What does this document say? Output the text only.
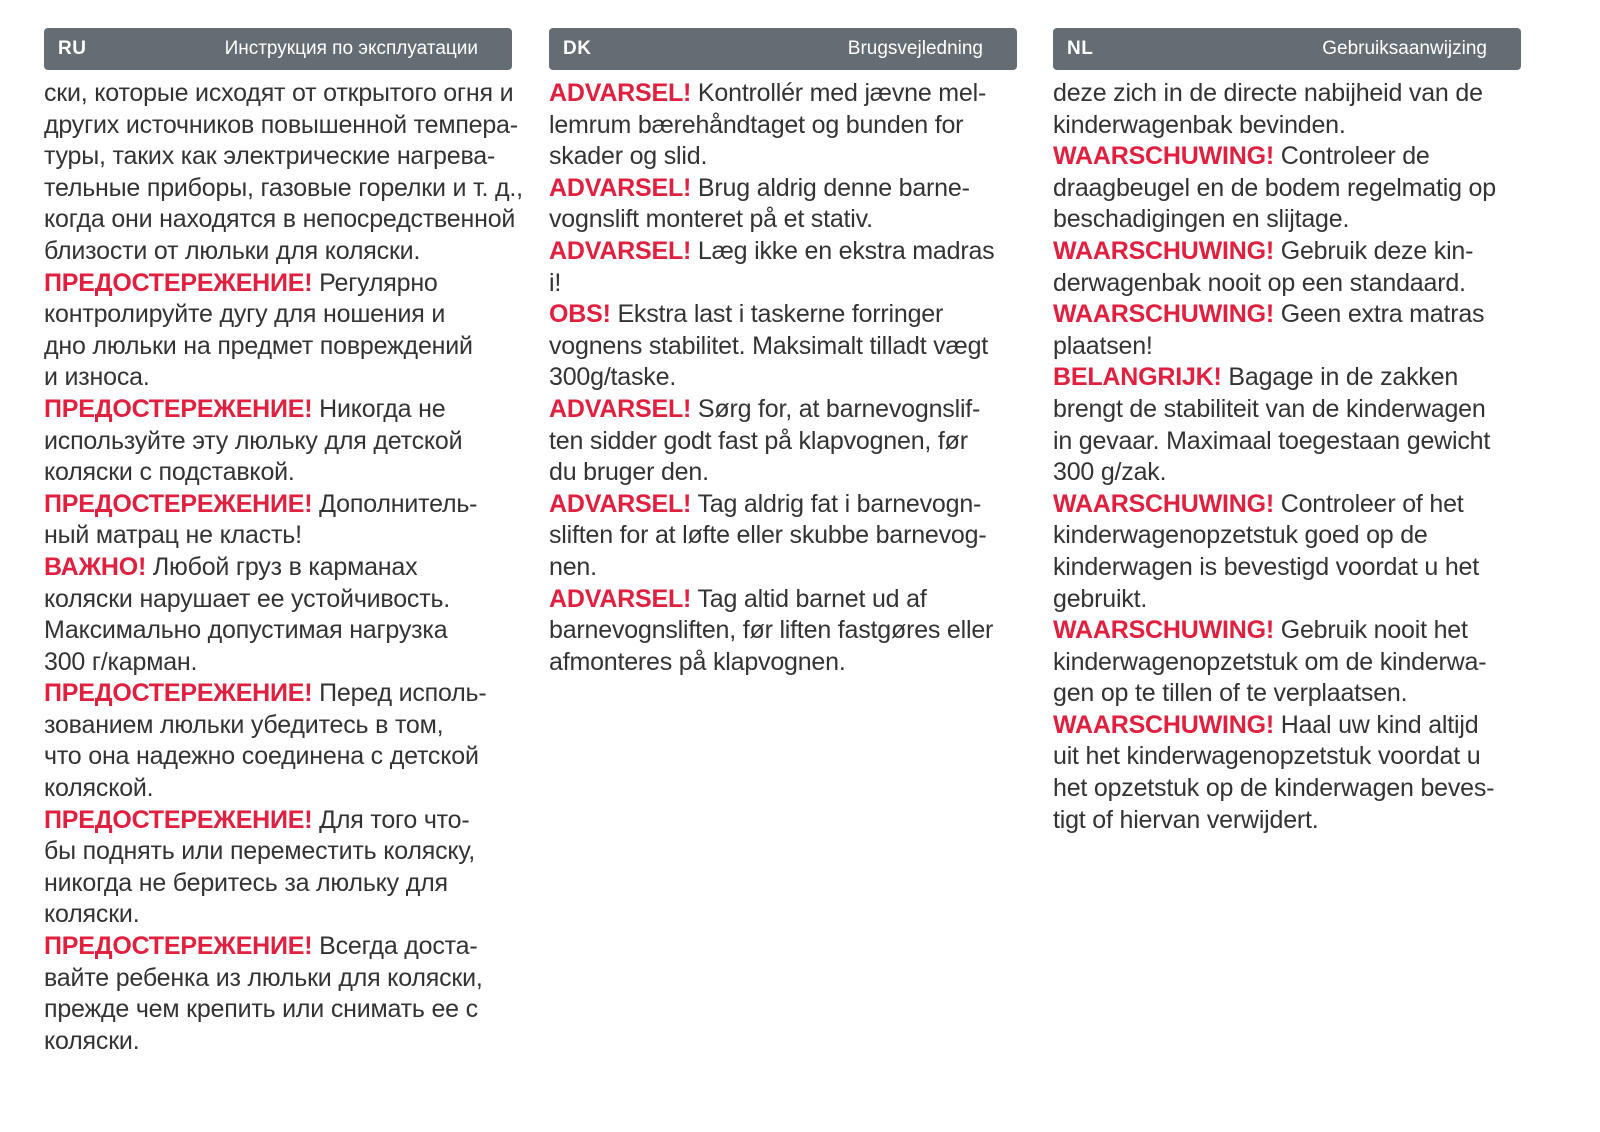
RU	Инструкция по эксплуатации
ски, которые исходят от открытого огня и
других источников повышенной темпера-
туры, таких как электрические нагрева-
тельные приборы, газовые горелки и т. д.,
когда они находятся в непосредственной
близости от люльки для коляски.
ПРЕДОСТЕРЕЖЕНИЕ! Регулярно
контролируйте дугу для ношения и
дно люльки на предмет повреждений
и износа.
ПРЕДОСТЕРЕЖЕНИЕ! Никогда не
используйте эту люльку для детской
коляски с подставкой.
ПРЕДОСТЕРЕЖЕНИЕ! Дополнитель-
ный матрац не класть!
ВАЖНО! Любой груз в карманах
коляски нарушает ее устойчивость.
Максимально допустимая нагрузка
300 г/карман.
ПРЕДОСТЕРЕЖЕНИЕ! Перед исполь-
зованием люльки убедитесь в том,
что она надежно соединена с детской
коляской.
ПРЕДОСТЕРЕЖЕНИЕ! Для того что-
бы поднять или переместить коляску,
никогда не беритесь за люльку для
коляски.
ПРЕДОСТЕРЕЖЕНИЕ! Всегда доста-
вайте ребенка из люльки для коляски,
прежде чем крепить или снимать ее с
коляски.
DK	Brugsvejledning
ADVARSEL! Kontrollér med jævne mel-
lemrum bærehåndtaget og bunden for
skader og slid.
ADVARSEL! Brug aldrig denne barne-
vognslift monteret på et stativ.
ADVARSEL! Læg ikke en ekstra madras
i!
OBS! Ekstra last i taskerne forringer
vognens stabilitet. Maksimalt tilladt vægt
300g/taske.
ADVARSEL! Sørg for, at barnevognslif-
ten sidder godt fast på klapvognen, før
du bruger den.
ADVARSEL! Tag aldrig fat i barnevogn-
sliften for at løfte eller skubbe barnevog-
nen.
ADVARSEL! Tag altid barnet ud af
barnevognsliften, før liften fastgøres eller
afmonteres på klapvognen.
NL	Gebruiksaanwijzing
deze zich in de directe nabijheid van de
kinderwagenbak bevinden.
WAARSCHUWING! Controleer de
draagbeugel en de bodem regelmatig op
beschadigingen en slijtage.
WAARSCHUWING! Gebruik deze kin-
derwagenbak nooit op een standaard.
WAARSCHUWING! Geen extra matras
plaatsen!
BELANGRIJK! Bagage in de zakken
brengt de stabiliteit van de kinderwagen
in gevaar. Maximaal toegestaan gewicht
300 g/zak.
WAARSCHUWING! Controleer of het
kinderwagenopzetstuk goed op de
kinderwagen is bevestigd voordat u het
gebruikt.
WAARSCHUWING! Gebruik nooit het
kinderwagenopzetstuk om de kinderwa-
gen op te tillen of te verplaatsen.
WAARSCHUWING! Haal uw kind altijd
uit het kinderwagenopzetstuk voordat u
het opzetstuk op de kinderwagen beves-
tigt of hiervan verwijdert.
